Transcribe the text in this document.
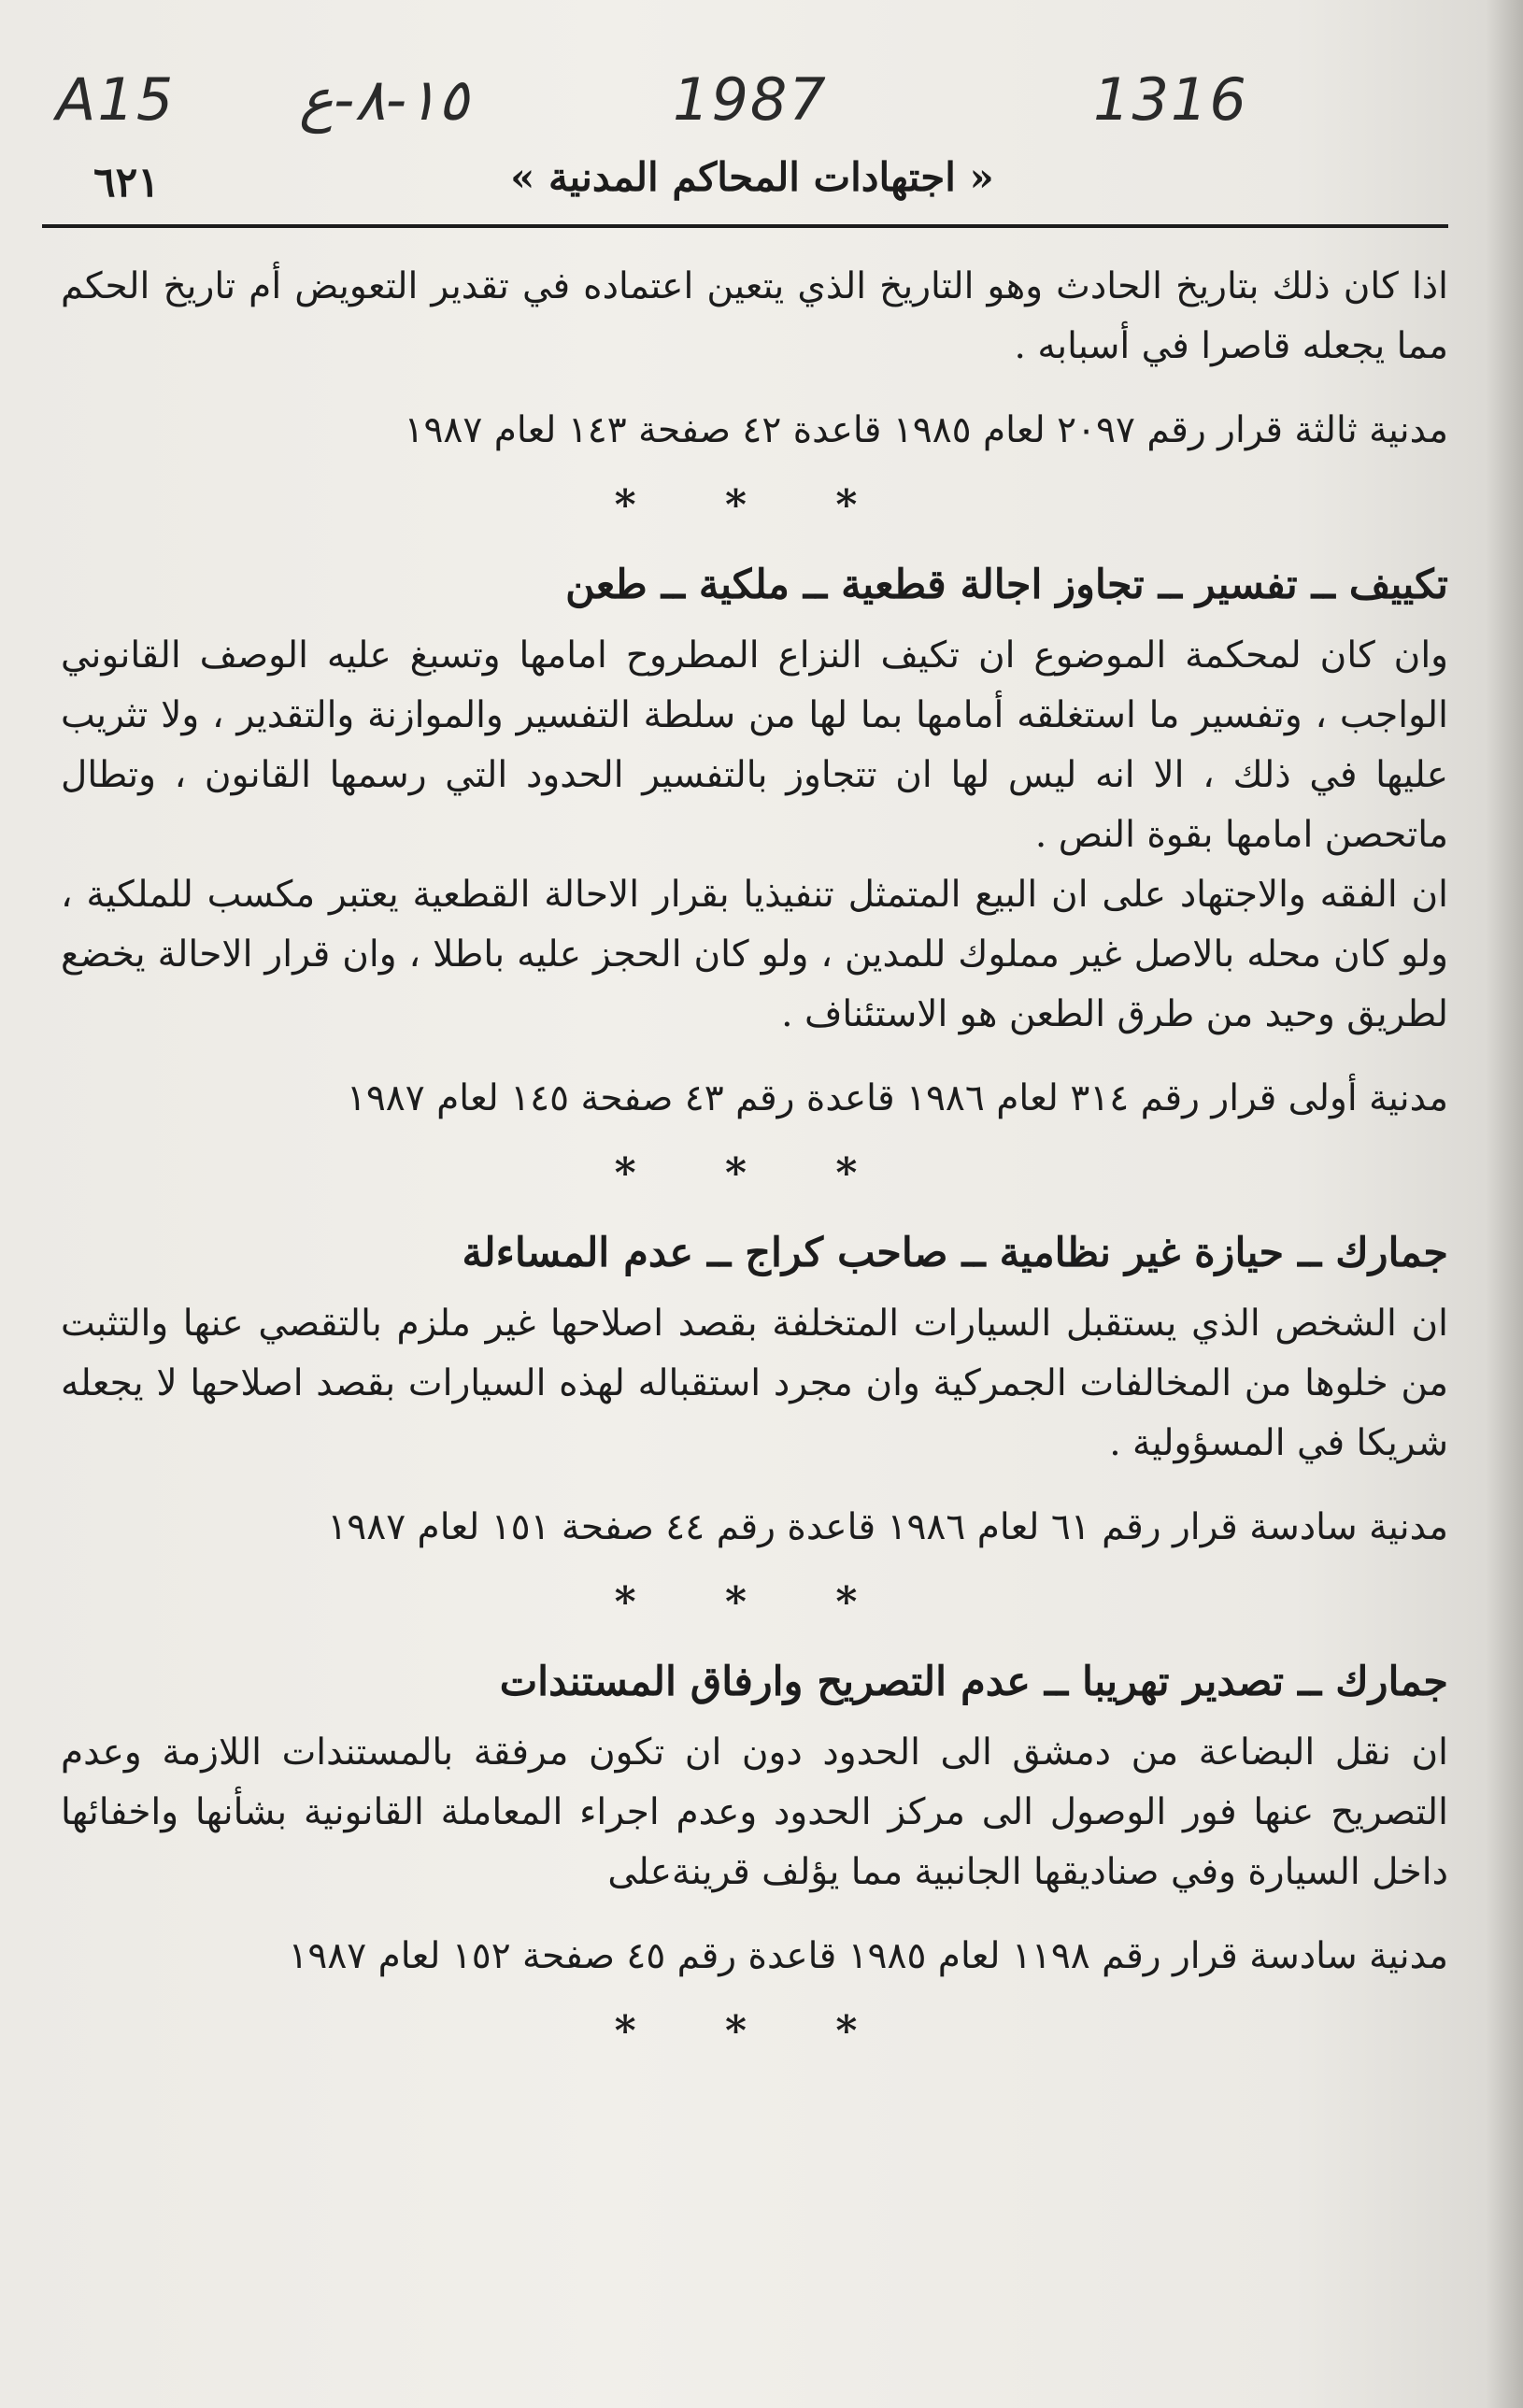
A15 ١٥-٨-ع	1987	1316
٦٢١	« اجتهادات المحاكم المدنية »

اذا كان ذلك بتاريخ الحادث وهو التاريخ الذي يتعين اعتماده في تقدير التعويض أم تاريخ الحكم مما يجعله قاصرا في أسبابه .

مدنية ثالثة قرار رقم ٢٠٩٧ لعام ١٩٨٥ قاعدة ٤٢ صفحة ١٤٣ لعام ١٩٨٧

* * *
تكييف ــ تفسير ــ تجاوز اجالة قطعية ــ ملكية ــ طعن

وان كان لمحكمة الموضوع ان تكيف النزاع المطروح امامها وتسبغ عليه الوصف القانوني الواجب ، وتفسير ما استغلقه أمامها بما لها من سلطة التفسير والموازنة والتقدير ، ولا تثريب عليها في ذلك ، الا انه ليس لها ان تتجاوز بالتفسير الحدود التي رسمها القانون ، وتطال ماتحصن امامها بقوة النص .

ان الفقه والاجتهاد على ان البيع المتمثل تنفيذيا بقرار الاحالة القطعية يعتبر مكسب للملكية ، ولو كان محله بالاصل غير مملوك للمدين ، ولو كان الحجز عليه باطلا ، وان قرار الاحالة يخضع لطريق وحيد من طرق الطعن هو الاستئناف .

مدنية أولى قرار رقم ٣١٤ لعام ١٩٨٦ قاعدة رقم ٤٣ صفحة ١٤٥ لعام ١٩٨٧

* * *
جمارك ــ حيازة غير نظامية ــ صاحب كراج ــ عدم المساءلة

ان الشخص الذي يستقبل السيارات المتخلفة بقصد اصلاحها غير ملزم بالتقصي عنها والتثبت من خلوها من المخالفات الجمركية وان مجرد استقباله لهذه السيارات بقصد اصلاحها لا يجعله شريكا في المسؤولية .

مدنية سادسة قرار رقم ٦١ لعام ١٩٨٦ قاعدة رقم ٤٤ صفحة ١٥١ لعام ١٩٨٧

* * *
جمارك ــ تصدير تهريبا ــ عدم التصريح وارفاق المستندات

ان نقل البضاعة من دمشق الى الحدود دون ان تكون مرفقة بالمستندات اللازمة وعدم التصريح عنها فور الوصول الى مركز الحدود وعدم اجراء المعاملة القانونية بشأنها واخفائها داخل السيارة وفي صناديقها الجانبية مما يؤلف قرينةعلى

مدنية سادسة قرار رقم ١١٩٨ لعام ١٩٨٥ قاعدة رقم ٤٥ صفحة ١٥٢ لعام ١٩٨٧

* * *
